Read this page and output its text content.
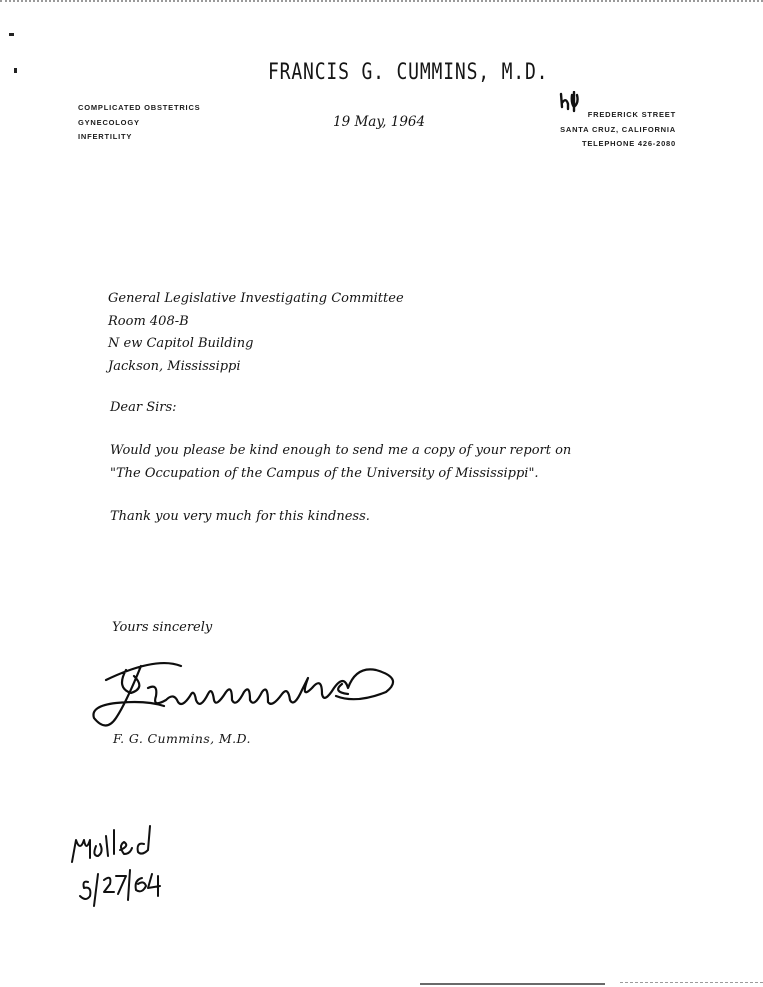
FRANCIS G. CUMMINS, M.D.
COMPLICATED OBSTETRICS
GYNECOLOGY
INFERTILITY
FREDERICK STREET
SANTA CRUZ, CALIFORNIA
TELEPHONE 426-2080
19 May, 1964
General Legislative Investigating Committee
Room 408-B
N ew Capitol Building
Jackson, Mississippi
Dear Sirs:
Would you please be kind enough to send me a copy of your report on
"The Occupation of the Campus of the University of Mississippi".
Thank you very much for this kindness.
Yours sincerely
F. G. Cummins, M.D.
